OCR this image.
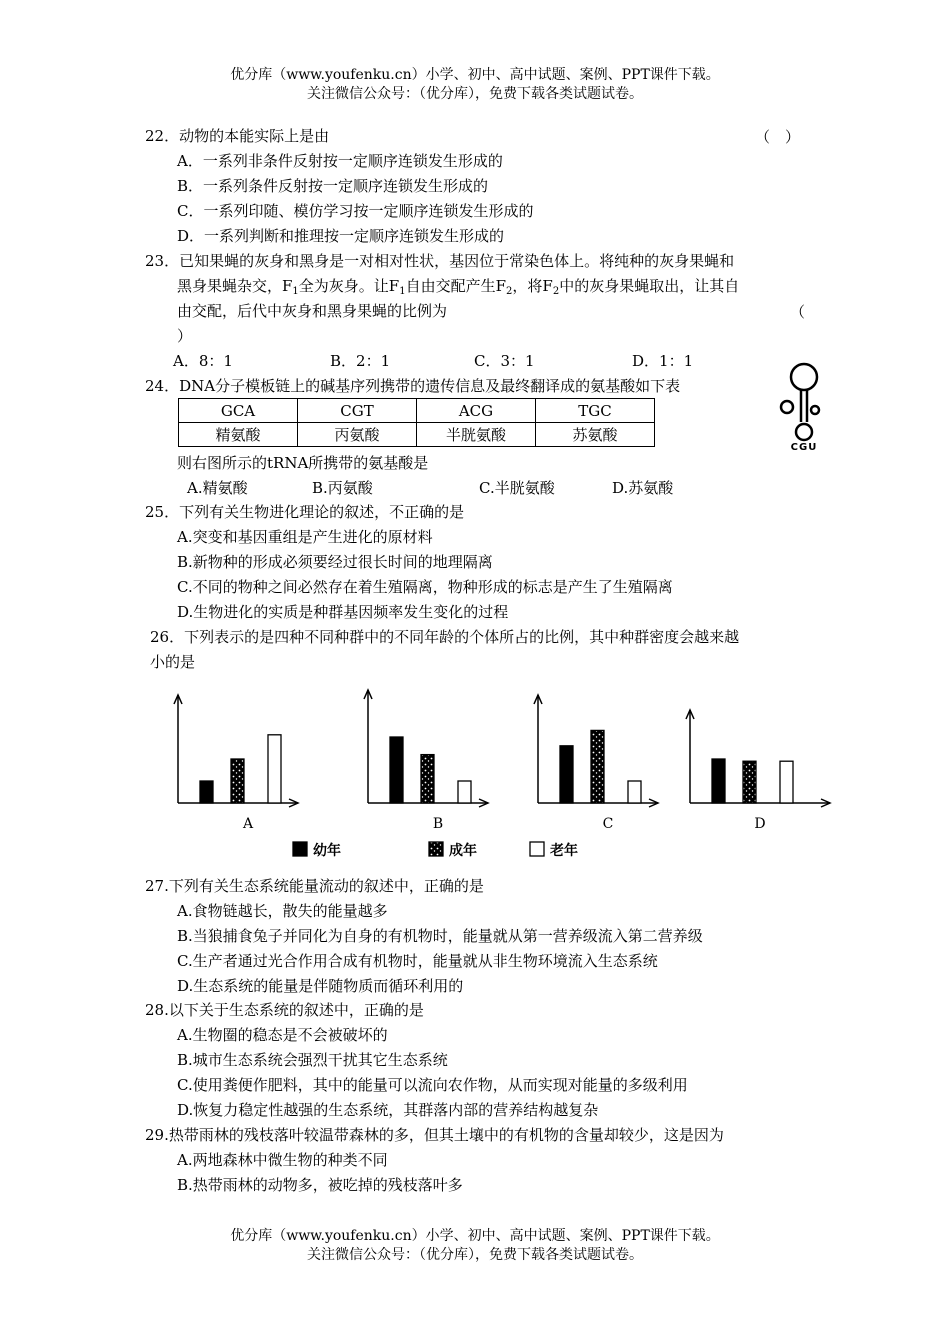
优分库（www.youfenku.cn）小学、初中、高中试题、案例、PPT课件下载。
关注微信公众号：（优分库），免费下载各类试题试卷。
22．动物的本能实际上是由	（　）
A．一系列非条件反射按一定顺序连锁发生形成的
B．一系列条件反射按一定顺序连锁发生形成的
C．一系列印随、模仿学习按一定顺序连锁发生形成的
D．一系列判断和推理按一定顺序连锁发生形成的
23．已知果蝇的灰身和黑身是一对相对性状，基因位于常染色体上。将纯种的灰身果蝇和
黑身果蝇杂交，$F_1$全为灰身。让$F_1$自由交配产生$F_2$，将$F_2$中的灰身果蝇取出，让其自
由交配，后代中灰身和黑身果蝇的比例为	（
）
A．8：1	B．2：1	C．3：1	D．1：1
24．DNA分子模板链上的碱基序列携带的遗传信息及最终翻译成的氨基酸如下表
GCA	CGT	ACG	TGC
精氨酸	丙氨酸	半胱氨酸	苏氨酸
CGU
则右图所示的tRNA所携带的氨基酸是
A.精氨酸	B.丙氨酸	C.半胱氨酸	D.苏氨酸
25．下列有关生物进化理论的叙述，不正确的是
A.突变和基因重组是产生进化的原材料
B.新物种的形成必须要经过很长时间的地理隔离
C.不同的物种之间必然存在着生殖隔离，物种形成的标志是产生了生殖隔离
D.生物进化的实质是种群基因频率发生变化的过程
26．下列表示的是四种不同种群中的不同年龄的个体所占的比例，其中种群密度会越来越
小的是
A	B	C	D
幼年	成年	老年
27.下列有关生态系统能量流动的叙述中，正确的是
A.食物链越长，散失的能量越多
B.当狼捕食兔子并同化为自身的有机物时，能量就从第一营养级流入第二营养级
C.生产者通过光合作用合成有机物时，能量就从非生物环境流入生态系统
D.生态系统的能量是伴随物质而循环利用的
28.以下关于生态系统的叙述中，正确的是
A.生物圈的稳态是不会被破坏的
B.城市生态系统会强烈干扰其它生态系统
C.使用粪便作肥料，其中的能量可以流向农作物，从而实现对能量的多级利用
D.恢复力稳定性越强的生态系统，其群落内部的营养结构越复杂
29.热带雨林的残枝落叶较温带森林的多，但其土壤中的有机物的含量却较少，这是因为
A.两地森林中微生物的种类不同
B.热带雨林的动物多，被吃掉的残枝落叶多
优分库（www.youfenku.cn）小学、初中、高中试题、案例、PPT课件下载。
关注微信公众号：（优分库），免费下载各类试题试卷。
